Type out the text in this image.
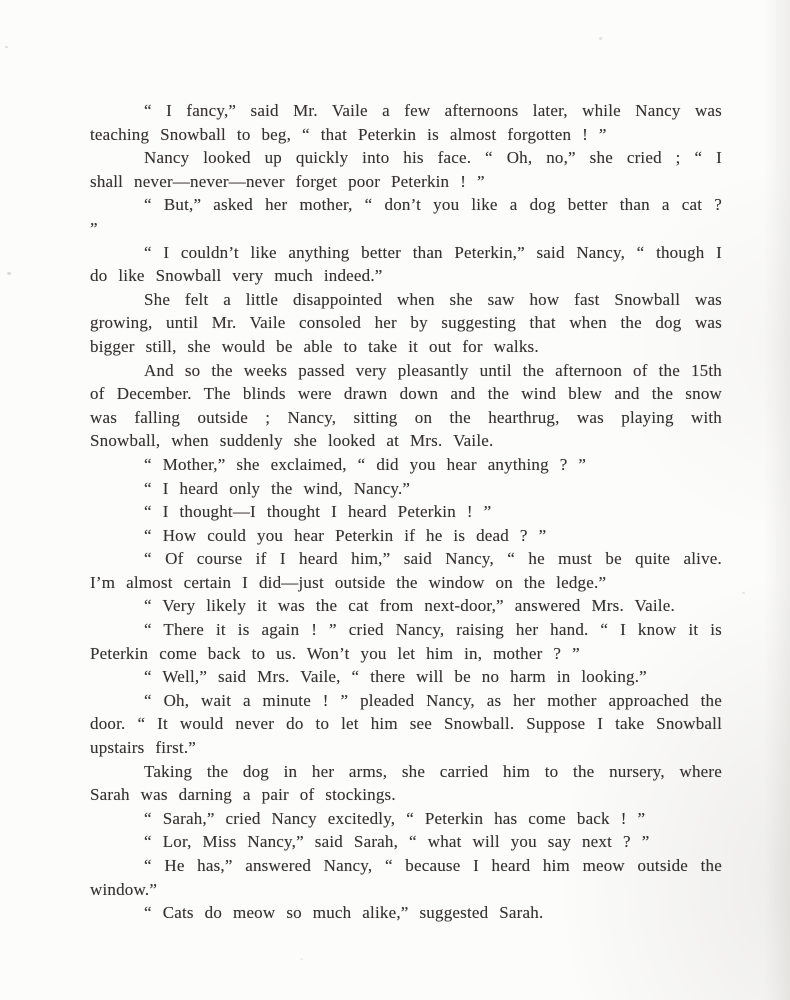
“ I fancy,” said Mr. Vaile a few afternoons later, while Nancy was teaching Snowball to beg, “ that Peterkin is almost forgotten ! ”

Nancy looked up quickly into his face. “ Oh, no,” she cried ; “ I shall never—never—never forget poor Peterkin ! ”

“ But,” asked her mother, “ don’t you like a dog better than a cat ? ”

“ I couldn’t like anything better than Peterkin,” said Nancy, “ though I do like Snowball very much indeed.”

She felt a little disappointed when she saw how fast Snowball was growing, until Mr. Vaile consoled her by suggesting that when the dog was bigger still, she would be able to take it out for walks.

And so the weeks passed very pleasantly until the afternoon of the 15th of December. The blinds were drawn down and the wind blew and the snow was falling outside ; Nancy, sitting on the hearthrug, was playing with Snowball, when suddenly she looked at Mrs. Vaile.

“ Mother,” she exclaimed, “ did you hear anything ? ”

“ I heard only the wind, Nancy.”

“ I thought—I thought I heard Peterkin ! ”

“ How could you hear Peterkin if he is dead ? ”

“ Of course if I heard him,” said Nancy, “ he must be quite alive. I’m almost certain I did—just outside the window on the ledge.”

“ Very likely it was the cat from next-door,” answered Mrs. Vaile.

“ There it is again ! ” cried Nancy, raising her hand. “ I know it is Peterkin come back to us. Won’t you let him in, mother ? ”

“ Well,” said Mrs. Vaile, “ there will be no harm in looking.”

“ Oh, wait a minute ! ” pleaded Nancy, as her mother approached the door. “ It would never do to let him see Snowball. Suppose I take Snowball upstairs first.”

Taking the dog in her arms, she carried him to the nursery, where Sarah was darning a pair of stockings.

“ Sarah,” cried Nancy excitedly, “ Peterkin has come back ! ”

“ Lor, Miss Nancy,” said Sarah, “ what will you say next ? ”

“ He has,” answered Nancy, “ because I heard him meow outside the window.”

“ Cats do meow so much alike,” suggested Sarah.
